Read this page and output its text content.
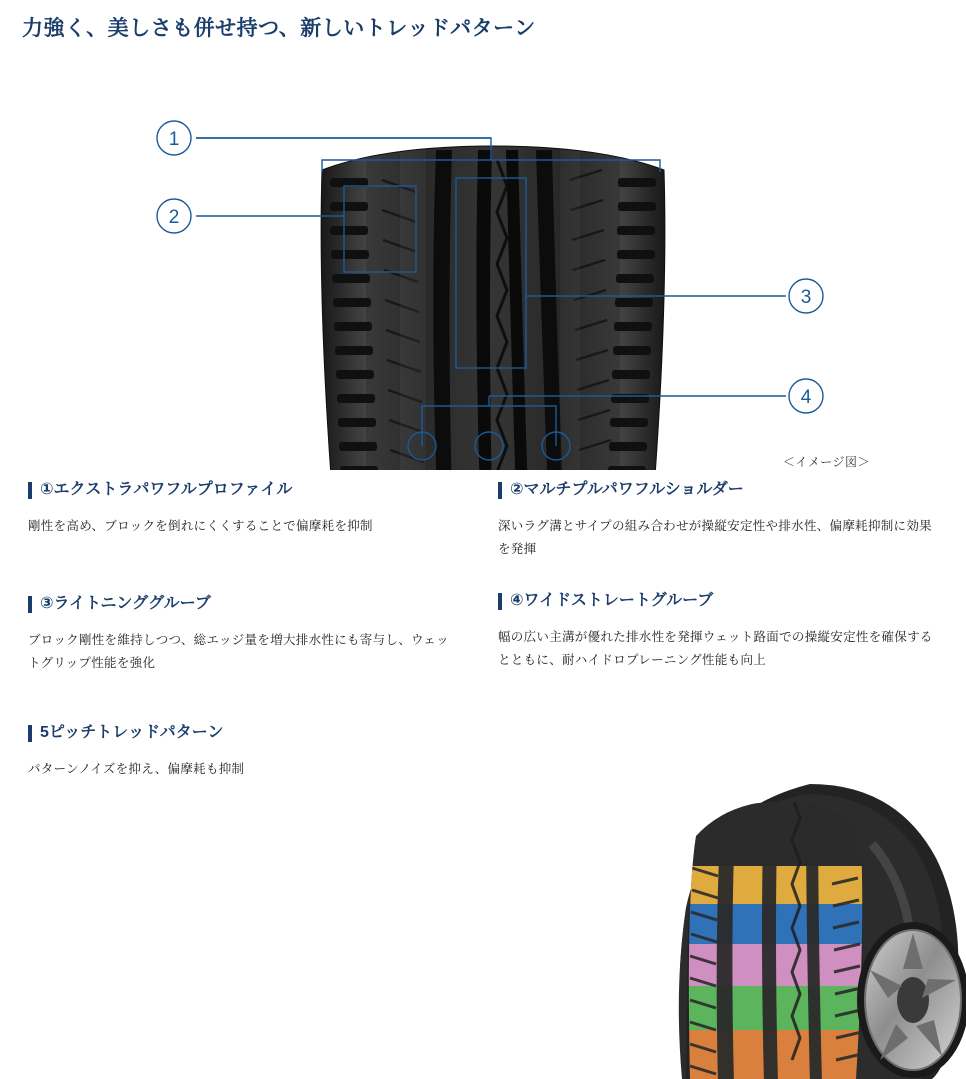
力強く、美しさも併せ持つ、新しいトレッドパターン
1
2
3
4
＜イメージ図＞
①エクストラパワフルプロファイル
剛性を高め、ブロックを倒れにくくすることで偏摩耗を抑制
③ライトニンググルーブ
ブロック剛性を維持しつつ、総エッジ量を増大排水性にも寄与し、ウェットグリップ性能を強化
5ピッチトレッドパターン
パターンノイズを抑え、偏摩耗も抑制
②マルチプルパワフルショルダー
深いラグ溝とサイプの組み合わせが操縦安定性や排水性、偏摩耗抑制に効果を発揮
④ワイドストレートグルーブ
幅の広い主溝が優れた排水性を発揮ウェット路面での操縦安定性を確保するとともに、耐ハイドロプレーニング性能も向上
